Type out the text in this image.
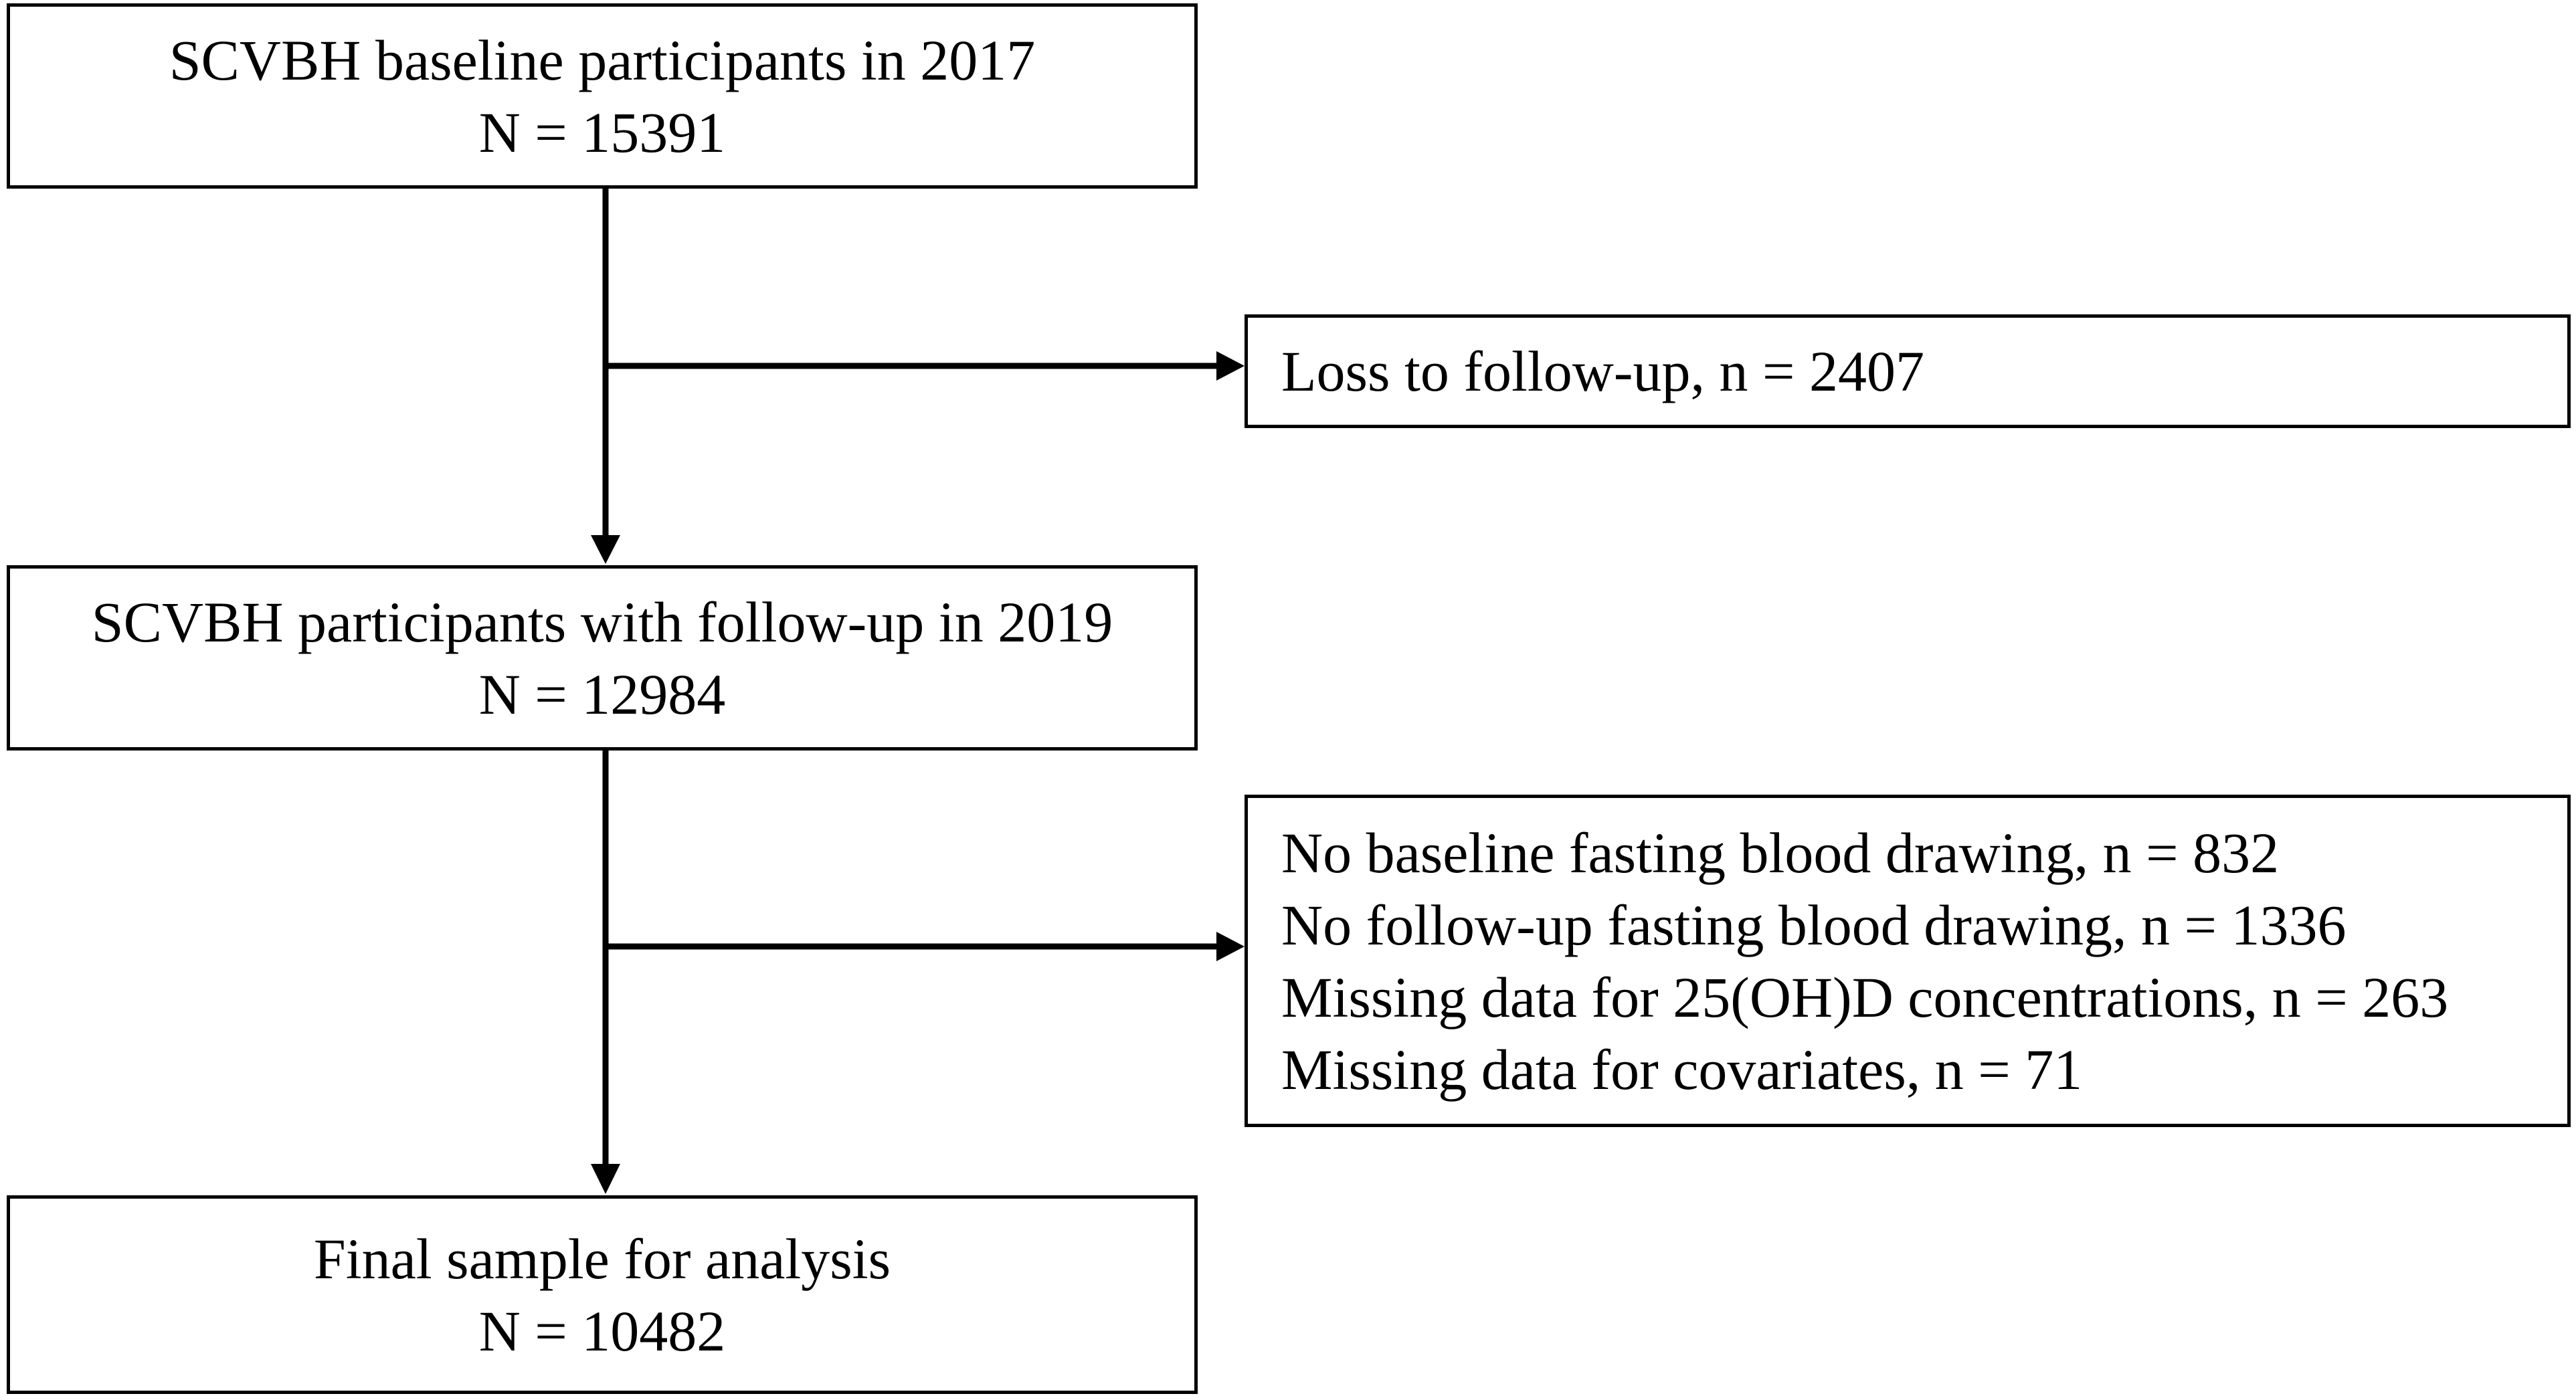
SCVBH baseline participants in 2017
N = 15391
Loss to follow-up, n = 2407
SCVBH participants with follow-up in 2019
N = 12984
No baseline fasting blood drawing, n = 832
No follow-up fasting blood drawing, n = 1336
Missing data for 25(OH)D concentrations, n = 263
Missing data for covariates, n = 71
Final sample for analysis
N = 10482
